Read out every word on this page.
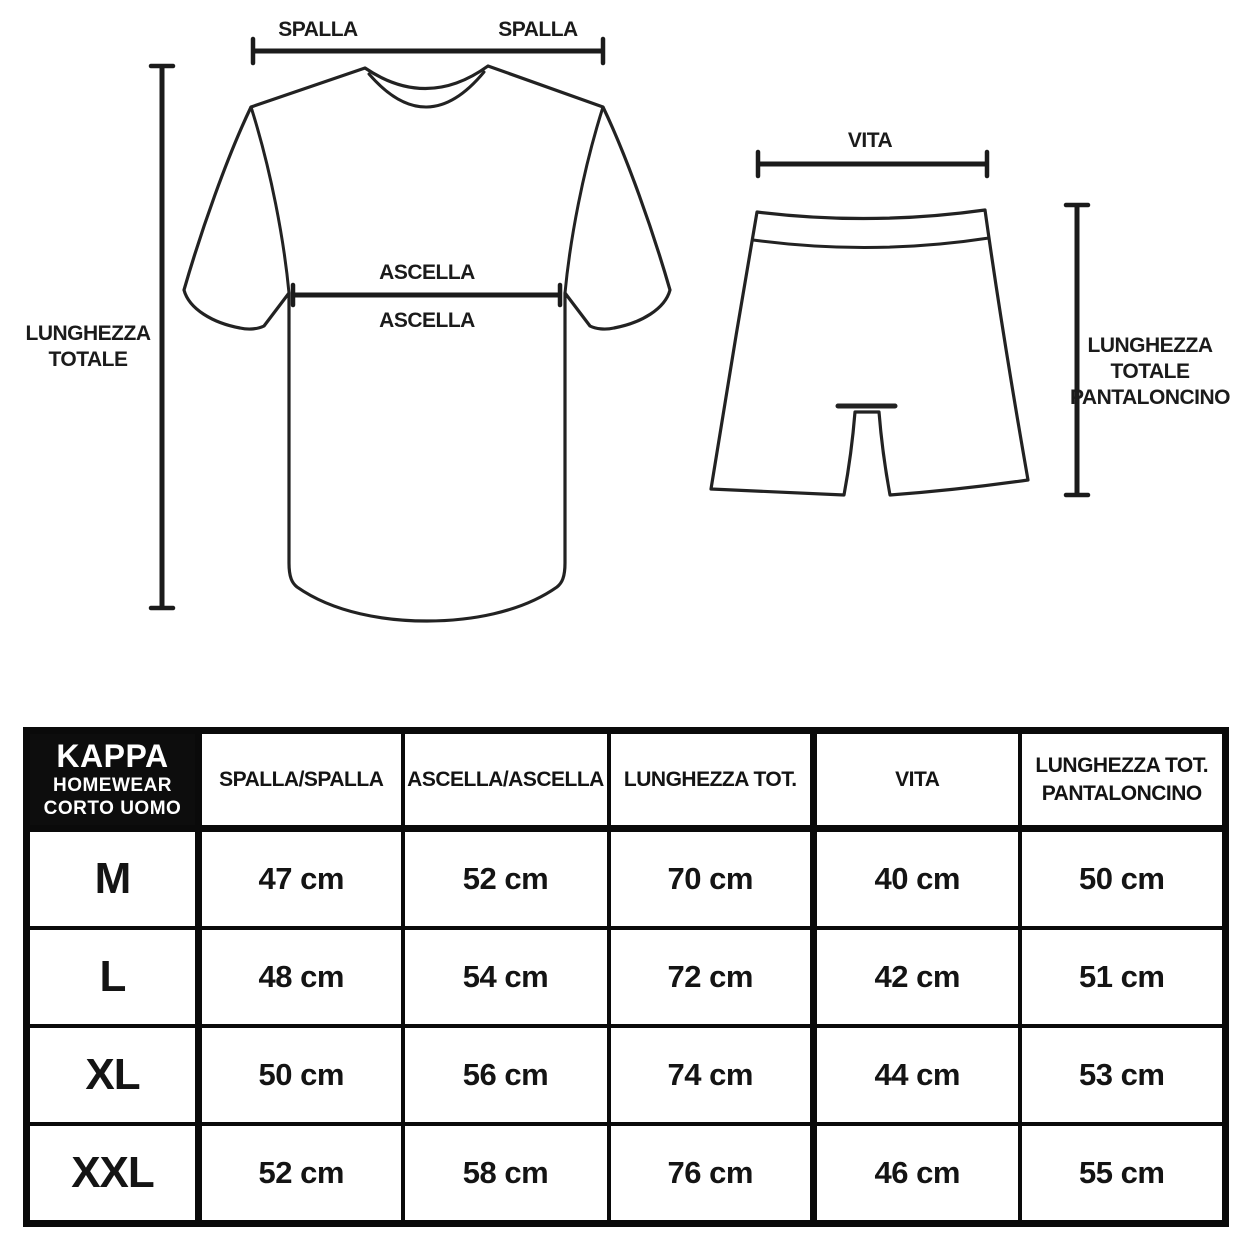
SPALLA	SPALLA
LUNGHEZZA
TOTALE
ASCELLA
ASCELLA
VITA
LUNGHEZZA
TOTALE
PANTALONCINO
KAPPA
HOMEWEAR
CORTO UOMO	SPALLA/SPALLA	ASCELLA/ASCELLA	LUNGHEZZA TOT.	VITA	LUNGHEZZA TOT. PANTALONCINO
M	47 cm	52 cm	70 cm	40 cm	50 cm
L	48 cm	54 cm	72 cm	42 cm	51 cm
XL	50 cm	56 cm	74 cm	44 cm	53 cm
XXL	52 cm	58 cm	76 cm	46 cm	55 cm
